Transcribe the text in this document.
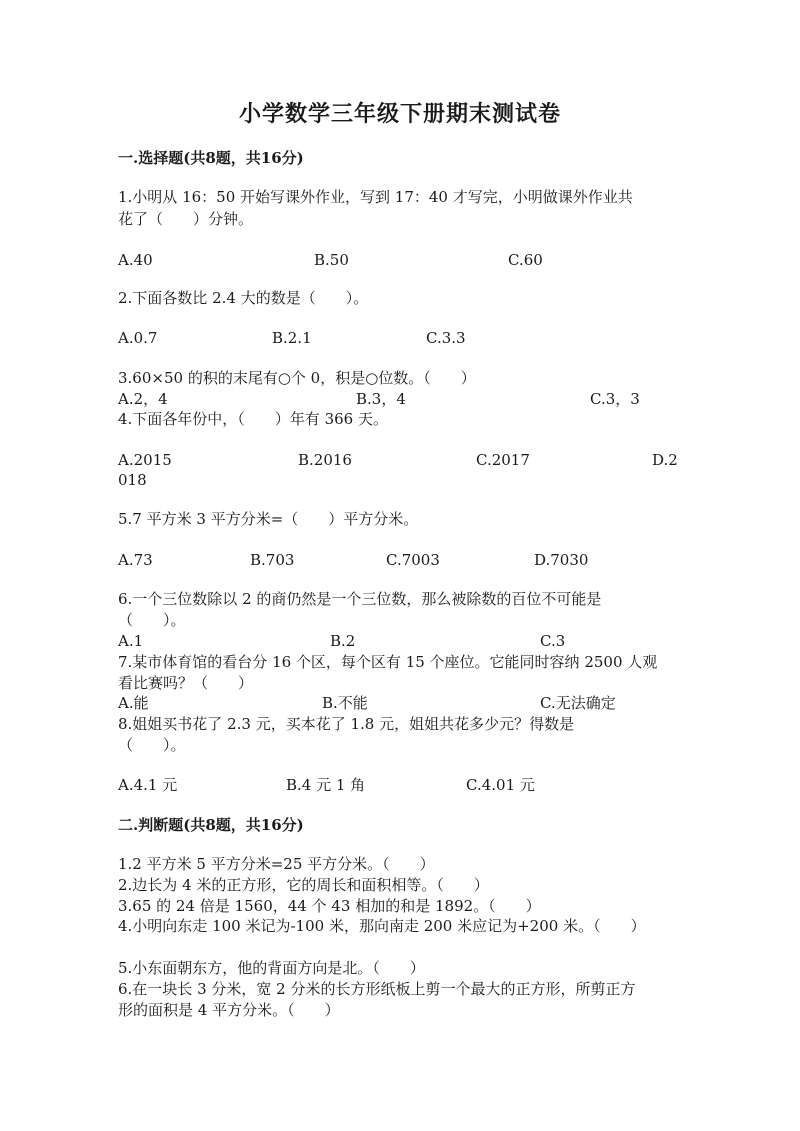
小学数学三年级下册期末测试卷
一.选择题(共8题，共16分)
1.小明从 16：50 开始写课外作业，写到 17：40 才写完，小明做课外作业共
花了（　　）分钟。
A.40	B.50	C.60
2.下面各数比 2.4 大的数是（　　）。
A.0.7	B.2.1	C.3.3
3.60×50 的积的末尾有○个 0，积是○位数。（　　）
A.2，4	B.3，4	C.3，3
4.下面各年份中，（　　）年有 366 天。
A.2015	B.2016	C.2017	D.2
018
5.7 平方米 3 平方分米=（　　）平方分米。
A.73	B.703	C.7003	D.7030
6.一个三位数除以 2 的商仍然是一个三位数，那么被除数的百位不可能是
（　　）。
A.1	B.2	C.3
7.某市体育馆的看台分 16 个区，每个区有 15 个座位。它能同时容纳 2500 人观
看比赛吗？（　　）
A.能	B.不能	C.无法确定
8.姐姐买书花了 2.3 元，买本花了 1.8 元，姐姐共花多少元？得数是
（　　）。
A.4.1 元	B.4 元 1 角	C.4.01 元
二.判断题(共8题，共16分)
1.2 平方米 5 平方分米=25 平方分米。（　　）
2.边长为 4 米的正方形，它的周长和面积相等。（　　）
3.65 的 24 倍是 1560，44 个 43 相加的和是 1892。（　　）
4.小明向东走 100 米记为-100 米，那向南走 200 米应记为+200 米。（　　）
5.小东面朝东方，他的背面方向是北。（　　）
6.在一块长 3 分米，宽 2 分米的长方形纸板上剪一个最大的正方形，所剪正方
形的面积是 4 平方分米。（　　）
